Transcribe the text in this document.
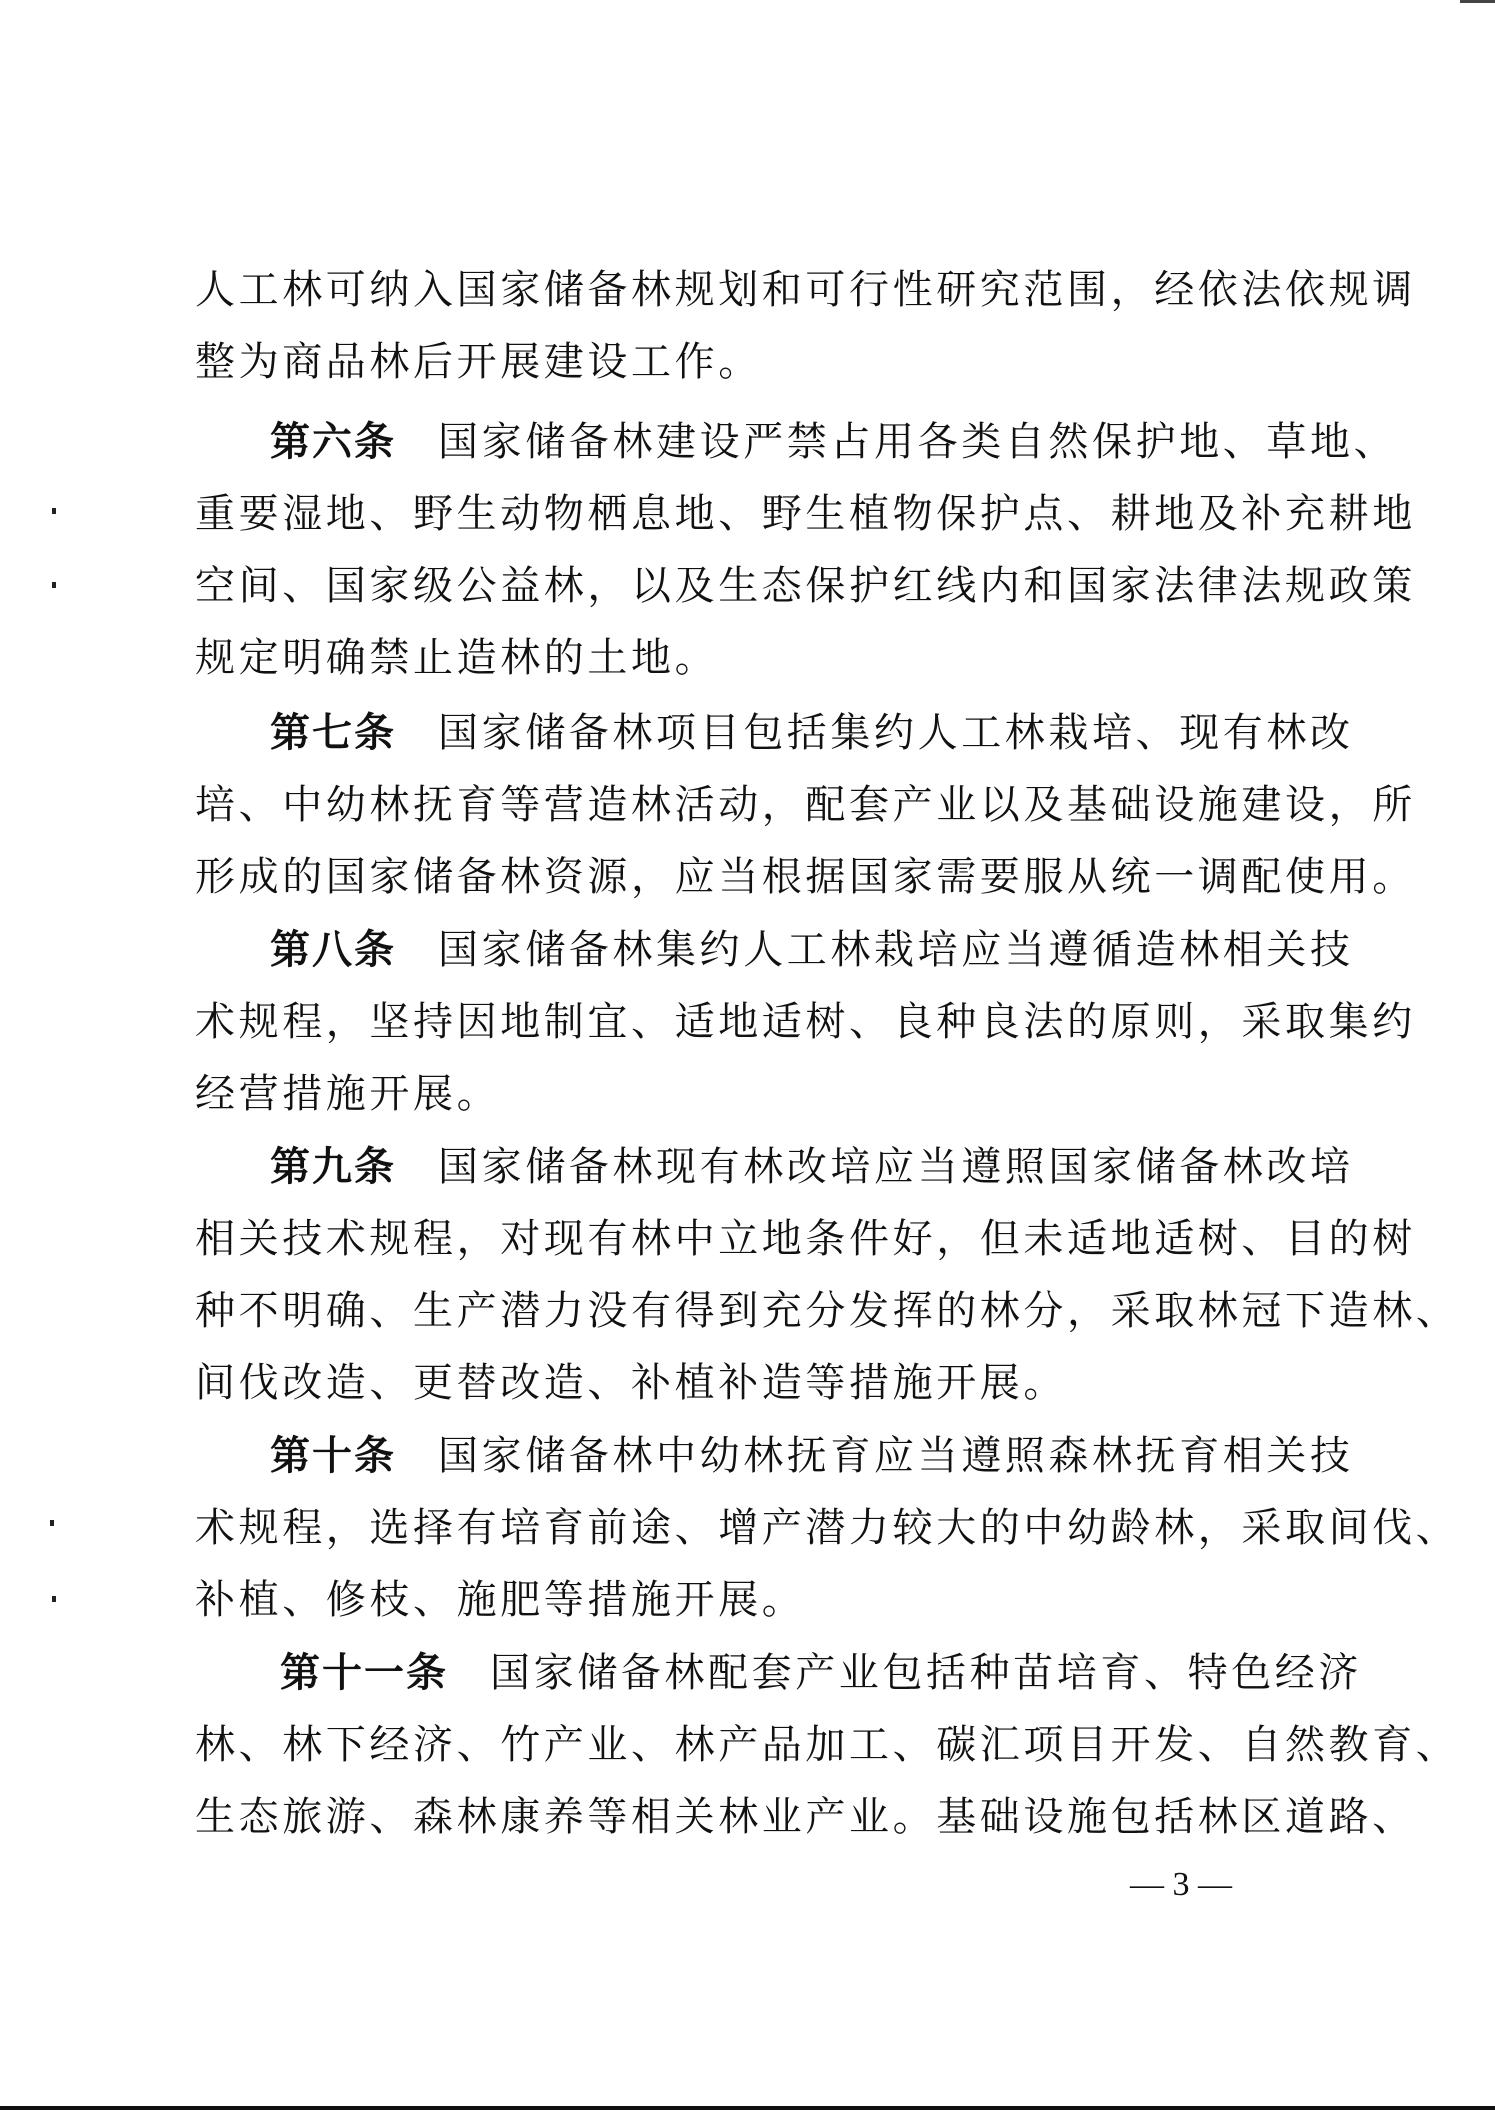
人工林可纳入国家储备林规划和可行性研究范围，经依法依规调
整为商品林后开展建设工作。
第六条 国家储备林建设严禁占用各类自然保护地、草地、
重要湿地、野生动物栖息地、野生植物保护点、耕地及补充耕地
空间、国家级公益林，以及生态保护红线内和国家法律法规政策
规定明确禁止造林的土地。
第七条 国家储备林项目包括集约人工林栽培、现有林改
培、中幼林抚育等营造林活动，配套产业以及基础设施建设，所
形成的国家储备林资源，应当根据国家需要服从统一调配使用。
第八条 国家储备林集约人工林栽培应当遵循造林相关技
术规程，坚持因地制宜、适地适树、良种良法的原则，采取集约
经营措施开展。
第九条 国家储备林现有林改培应当遵照国家储备林改培
相关技术规程，对现有林中立地条件好，但未适地适树、目的树
种不明确、生产潜力没有得到充分发挥的林分，采取林冠下造林、
间伐改造、更替改造、补植补造等措施开展。
第十条 国家储备林中幼林抚育应当遵照森林抚育相关技
术规程，选择有培育前途、增产潜力较大的中幼龄林，采取间伐、
补植、修枝、施肥等措施开展。
第十一条 国家储备林配套产业包括种苗培育、特色经济
林、林下经济、竹产业、林产品加工、碳汇项目开发、自然教育、
生态旅游、森林康养等相关林业产业。基础设施包括林区道路、
— 3 —
